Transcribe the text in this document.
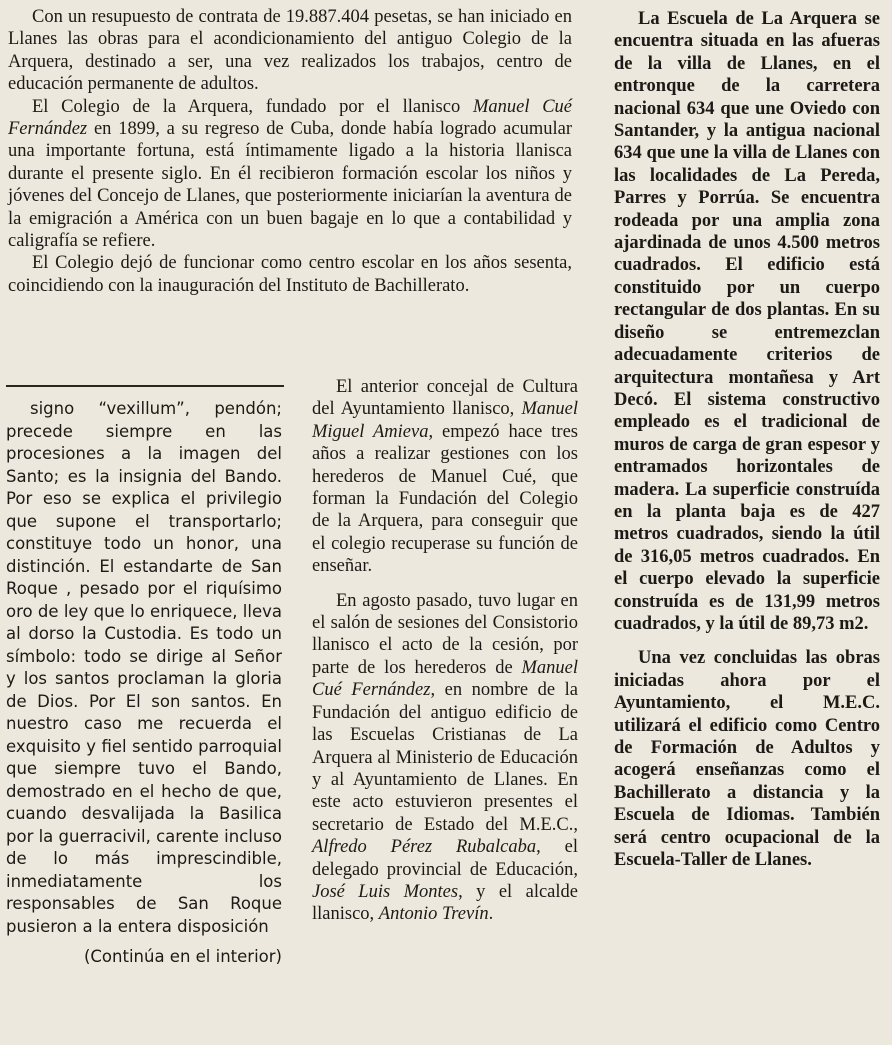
Con un resupuesto de contrata de 19.887.404 pesetas, se han iniciado en Llanes las obras para el acondicionamiento del antiguo Colegio de la Arquera, destinado a ser, una vez realizados los trabajos, centro de educación permanente de adultos.

El Colegio de la Arquera, fundado por el llanisco Manuel Cué Fernández en 1899, a su regreso de Cuba, donde había logrado acumular una importante fortuna, está íntimamente ligado a la historia llanisca durante el presente siglo. En él recibieron formación escolar los niños y jóvenes del Concejo de Llanes, que posteriormente iniciarían la aventura de la emigración a América con un buen bagaje en lo que a contabilidad y caligrafía se refiere.

El Colegio dejó de funcionar como centro escolar en los años sesenta, coincidiendo con la inauguración del Instituto de Bachillerato.

signo “vexillum”, pendón; precede siempre en las procesiones a la imagen del Santo; es la insignia del Bando. Por eso se explica el privilegio que supone el transportarlo; constituye todo un honor, una distinción. El estandarte de San Roque , pesado por el riquísimo oro de ley que lo enriquece, lleva al dorso la Custodia. Es todo un símbolo: todo se dirige al Señor y los santos proclaman la gloria de Dios. Por El son santos. En nuestro caso me recuerda el exquisito y fiel sentido parroquial que siempre tuvo el Bando, demostrado en el hecho de que, cuando desvalijada la Basilica por la guerracivil, carente incluso de lo más imprescindible, inmediatamente los responsables de San Roque pusieron a la entera disposición

(Continúa en el interior)

El anterior concejal de Cultura del Ayuntamiento llanisco, Manuel Miguel Amieva, empezó hace tres años a realizar gestiones con los herederos de Manuel Cué, que forman la Fundación del Colegio de la Arquera, para conseguir que el colegio recuperase su función de enseñar.

En agosto pasado, tuvo lugar en el salón de sesiones del Consistorio llanisco el acto de la cesión, por parte de los herederos de Manuel Cué Fernández, en nombre de la Fundación del antiguo edificio de las Escuelas Cristianas de La Arquera al Ministerio de Educación y al Ayuntamiento de Llanes. En este acto estuvieron presentes el secretario de Estado del M.E.C., Alfredo Pérez Rubalcaba, el delegado provincial de Educación, José Luis Montes, y el alcalde llanisco, Antonio Trevín.

La Escuela de La Arquera se encuentra situada en las afueras de la villa de Llanes, en el entronque de la carretera nacional 634 que une Oviedo con Santander, y la antigua nacional 634 que une la villa de Llanes con las localidades de La Pereda, Parres y Porrúa. Se encuentra rodeada por una amplia zona ajardinada de unos 4.500 metros cuadrados. El edificio está constituido por un cuerpo rectangular de dos plantas. En su diseño se entremezclan adecuadamente criterios de arquitectura montañesa y Art Decó. El sistema constructivo empleado es el tradicional de muros de carga de gran espesor y entramados horizontales de madera. La superficie construída en la planta baja es de 427 metros cuadrados, siendo la útil de 316,05 metros cuadrados. En el cuerpo elevado la superficie construída es de 131,99 metros cuadrados, y la útil de 89,73 m2.

Una vez concluidas las obras iniciadas ahora por el Ayuntamiento, el M.E.C. utilizará el edificio como Centro de Formación de Adultos y acogerá enseñanzas como el Bachillerato a distancia y la Escuela de Idiomas. También será centro ocupacional de la Escuela-Taller de Llanes.
